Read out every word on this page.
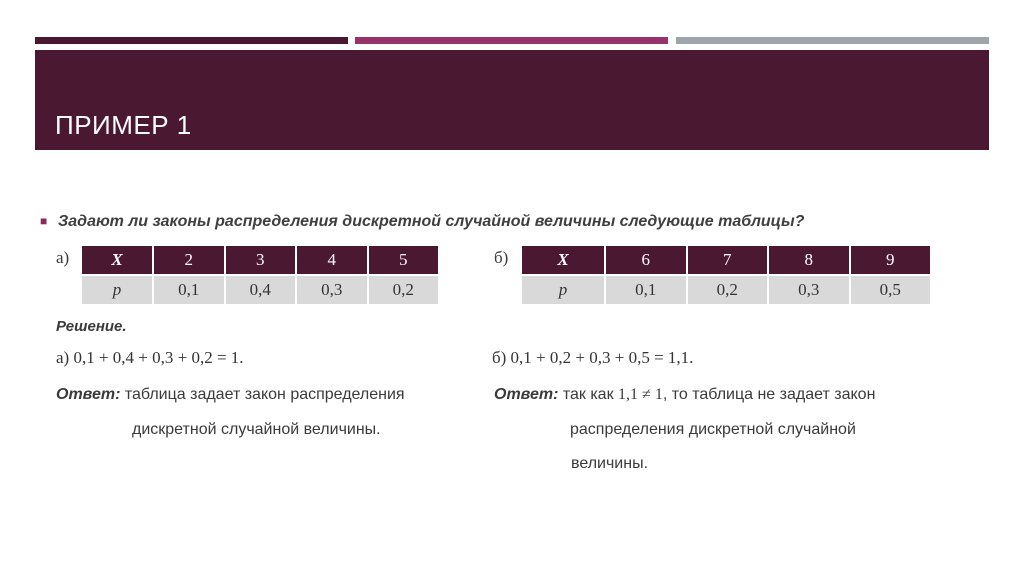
ПРИМЕР 1
■ Задают ли законы распределения дискретной случайной величины следующие таблицы?
а) X	2	3	4	5
p	0,1	0,4	0,3	0,2
б)	X	6	7	8	9
p	0,1	0,2	0,3	0,5
Решение.
а) 0,1 + 0,4 + 0,3 + 0,2 = 1.
Ответ: таблица задает закон распределения
дискретной случайной величины.
б) 0,1 + 0,2 + 0,3 + 0,5 = 1,1.
Ответ: так как 1,1 ≠ 1, то таблица не задает закон
распределения дискретной случайной
величины.
